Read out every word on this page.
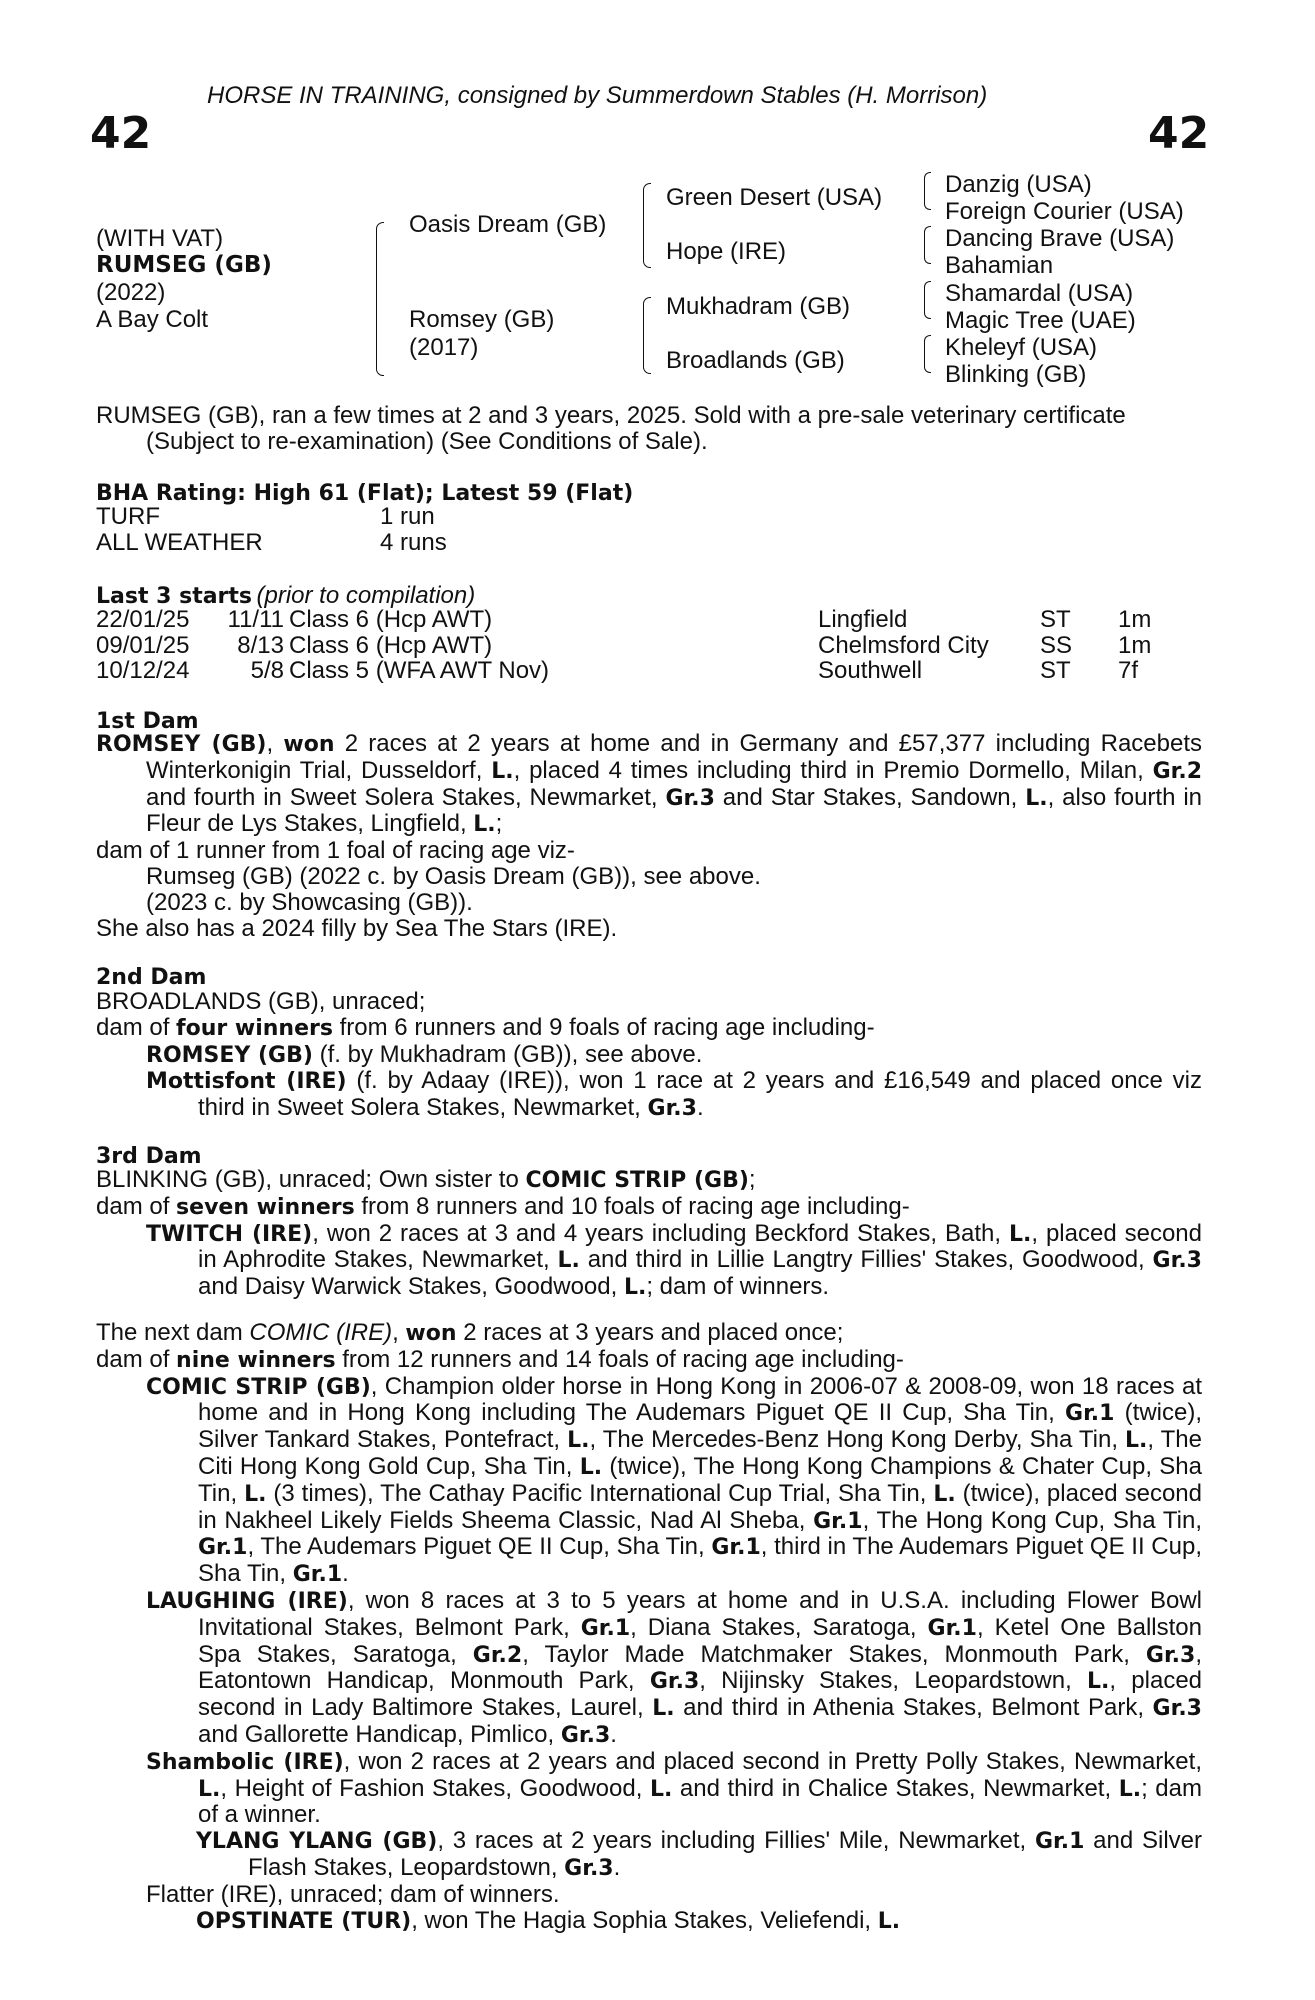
HORSE IN TRAINING, consigned by Summerdown Stables (H. Morrison)
42	42
(WITH VAT)
RUMSEG (GB)
(2022)
A Bay Colt
Oasis Dream (GB)
Romsey (GB)
(2017)
Green Desert (USA)
Hope (IRE)
Mukhadram (GB)
Broadlands (GB)
Danzig (USA)
Foreign Courier (USA)
Dancing Brave (USA)
Bahamian
Shamardal (USA)
Magic Tree (UAE)
Kheleyf (USA)
Blinking (GB)

RUMSEG (GB), ran a few times at 2 and 3 years, 2025. Sold with a pre-sale veterinary certificate

(Subject to re-examination) (See Conditions of Sale).

BHA Rating: High 61 (Flat); Latest 59 (Flat)
TURF	1 run
ALL WEATHER	4 runs
Last 3 starts (prior to compilation)
22/01/25	11/11 Class 6 (Hcp AWT)	Lingfield	ST 1m
09/01/25	8/13 Class 6 (Hcp AWT)	Chelmsford City SS 1m
10/12/24	5/8 Class 5 (WFA AWT Nov)	Southwell	ST 7f
1st Dam

ROMSEY (GB), won 2 races at 2 years at home and in Germany and £57,377 including Racebets Winterkonigin Trial, Dusseldorf, L., placed 4 times including third in Premio Dormello, Milan, Gr.2 and fourth in Sweet Solera Stakes, Newmarket, Gr.3 and Star Stakes, Sandown, L., also fourth in Fleur de Lys Stakes, Lingfield, L.;

dam of 1 runner from 1 foal of racing age viz-

Rumseg (GB) (2022 c. by Oasis Dream (GB)), see above.

(2023 c. by Showcasing (GB)).

She also has a 2024 filly by Sea The Stars (IRE).

2nd Dam

BROADLANDS (GB), unraced;

dam of four winners from 6 runners and 9 foals of racing age including-

ROMSEY (GB) (f. by Mukhadram (GB)), see above.

Mottisfont (IRE) (f. by Adaay (IRE)), won 1 race at 2 years and £16,549 and placed once viz third in Sweet Solera Stakes, Newmarket, Gr.3.

3rd Dam

BLINKING (GB), unraced; Own sister to COMIC STRIP (GB);

dam of seven winners from 8 runners and 10 foals of racing age including-

TWITCH (IRE), won 2 races at 3 and 4 years including Beckford Stakes, Bath, L., placed second in Aphrodite Stakes, Newmarket, L. and third in Lillie Langtry Fillies' Stakes, Goodwood, Gr.3 and Daisy Warwick Stakes, Goodwood, L.; dam of winners.

The next dam COMIC (IRE), won 2 races at 3 years and placed once;

dam of nine winners from 12 runners and 14 foals of racing age including-

COMIC STRIP (GB), Champion older horse in Hong Kong in 2006-07 & 2008-09, won 18 races at home and in Hong Kong including The Audemars Piguet QE II Cup, Sha Tin, Gr.1 (twice), Silver Tankard Stakes, Pontefract, L., The Mercedes-Benz Hong Kong Derby, Sha Tin, L., The Citi Hong Kong Gold Cup, Sha Tin, L. (twice), The Hong Kong Champions & Chater Cup, Sha Tin, L. (3 times), The Cathay Pacific International Cup Trial, Sha Tin, L. (twice), placed second in Nakheel Likely Fields Sheema Classic, Nad Al Sheba, Gr.1, The Hong Kong Cup, Sha Tin, Gr.1, The Audemars Piguet QE II Cup, Sha Tin, Gr.1, third in The Audemars Piguet QE II Cup, Sha Tin, Gr.1.

LAUGHING (IRE), won 8 races at 3 to 5 years at home and in U.S.A. including Flower Bowl Invitational Stakes, Belmont Park, Gr.1, Diana Stakes, Saratoga, Gr.1, Ketel One Ballston Spa Stakes, Saratoga, Gr.2, Taylor Made Matchmaker Stakes, Monmouth Park, Gr.3, Eatontown Handicap, Monmouth Park, Gr.3, Nijinsky Stakes, Leopardstown, L., placed second in Lady Baltimore Stakes, Laurel, L. and third in Athenia Stakes, Belmont Park, Gr.3 and Gallorette Handicap, Pimlico, Gr.3.

Shambolic (IRE), won 2 races at 2 years and placed second in Pretty Polly Stakes, Newmarket, L., Height of Fashion Stakes, Goodwood, L. and third in Chalice Stakes, Newmarket, L.; dam of a winner.

YLANG YLANG (GB), 3 races at 2 years including Fillies' Mile, Newmarket, Gr.1 and Silver Flash Stakes, Leopardstown, Gr.3.

Flatter (IRE), unraced; dam of winners.

OPSTINATE (TUR), won The Hagia Sophia Stakes, Veliefendi, L.
